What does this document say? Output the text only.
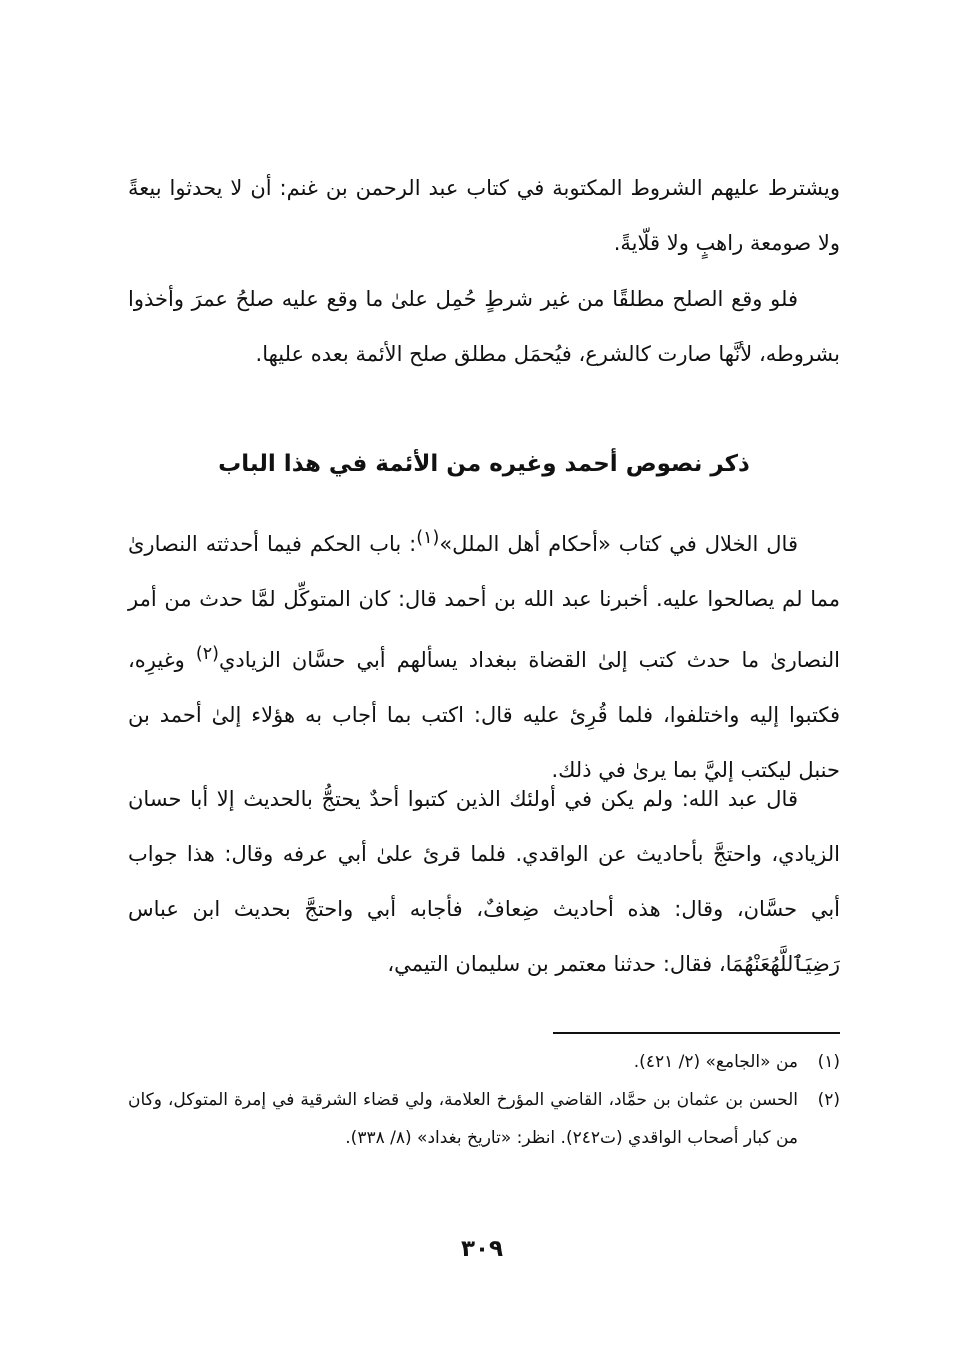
ويشترط عليهم الشروط المكتوبة في كتاب عبد الرحمن بن غنم: أن لا يحدثوا بيعةً ولا صومعة راهبٍ ولا قلّايةً.

فلو وقع الصلح مطلقًا من غير شرطٍ حُمِل علىٰ ما وقع عليه صلحُ عمرَ وأخذوا بشروطه، لأنَّها صارت كالشرع، فيُحمَل مطلق صلح الأئمة بعده عليها.

ذكر نصوص أحمد وغيره من الأئمة في هذا الباب

قال الخلال في كتاب «أحكام أهل الملل»$^{(١)}$: باب الحكم فيما أحدثته النصارىٰ مما لم يصالحوا عليه. أخبرنا عبد الله بن أحمد قال: كان المتوكِّل لمَّا حدث من أمر النصارىٰ ما حدث كتب إلىٰ القضاة ببغداد يسألهم أبي حسَّان الزيادي$^{(٢)}$ وغيرِه، فكتبوا إليه واختلفوا، فلما قُرِئ عليه قال: اكتب بما أجاب به هؤلاء إلىٰ أحمد بن حنبل ليكتب إليَّ بما يرىٰ في ذلك.

قال عبد الله: ولم يكن في أولئك الذين كتبوا أحدٌ يحتجُّ بالحديث إلا أبا حسان الزيادي، واحتجَّ بأحاديث عن الواقدي. فلما قرئ علىٰ أبي عرفه وقال: هذا جواب أبي حسَّان، وقال: هذه أحاديث ضِعافٌ، فأجابه أبي واحتجَّ بحديث ابن عباس رَضِيَٱللَّهُعَنْهُمَا، فقال: حدثنا معتمر بن سليمان التيمي،

(١)
من «الجامع» (٢/ ٤٢١).

(٢)
الحسن بن عثمان بن حمَّاد، القاضي المؤرخ العلامة، ولي قضاء الشرقية في إمرة المتوكل، وكان من كبار أصحاب الواقدي (ت٢٤٢). انظر: «تاريخ بغداد» (٨/ ٣٣٨).

٣٠٩
